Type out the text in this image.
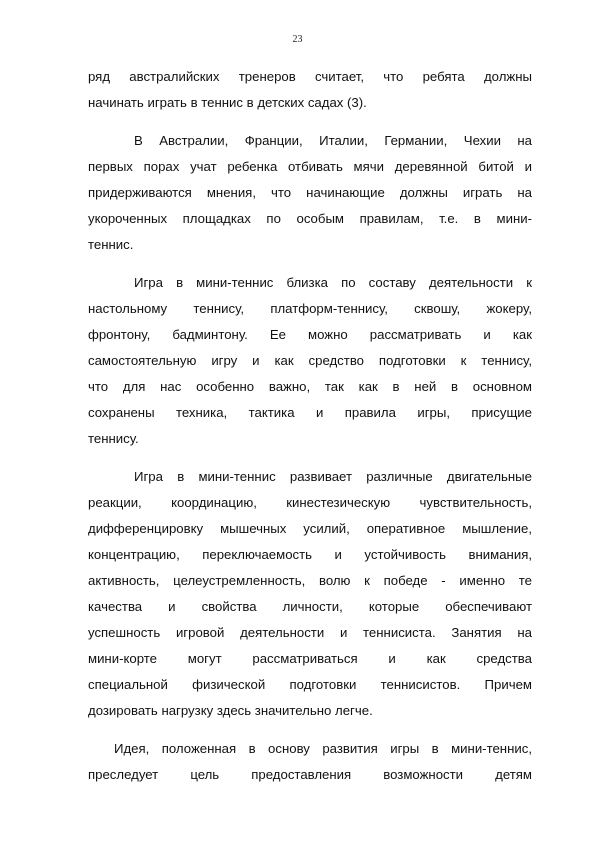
23

ряд австралийских тренеров считает, что ребята должны
начинать играть в теннис в детских садах (3).

В Австралии, Франции, Италии, Германии, Чехии на
первых порах учат ребенка отбивать мячи деревянной битой и
придерживаются мнения, что начинающие должны играть на
укороченных площадках по особым правилам, т.е. в мини-
теннис.

Игра в мини-теннис близка по составу деятельности к
настольному теннису, платформ-теннису, сквошу, жокеру,
фронтону, бадминтону. Ее можно рассматривать и как
самостоятельную игру и как средство подготовки к теннису,
что для нас особенно важно, так как в ней в основном
сохранены техника, тактика и правила игры, присущие
теннису.

Игра в мини-теннис развивает различные двигательные
реакции, координацию, кинестезическую чувствительность,
дифференцировку мышечных усилий, оперативное мышление,
концентрацию, переключаемость и устойчивость внимания,
активность, целеустремленность, волю к победе - именно те
качества и свойства личности, которые обеспечивают
успешность игровой деятельности и теннисиста. Занятия на
мини-корте могут рассматриваться и как средства
специальной физической подготовки теннисистов. Причем
дозировать нагрузку здесь значительно легче.

Идея, положенная в основу развития игры в мини-теннис,
преследует цель предоставления возможности детям
